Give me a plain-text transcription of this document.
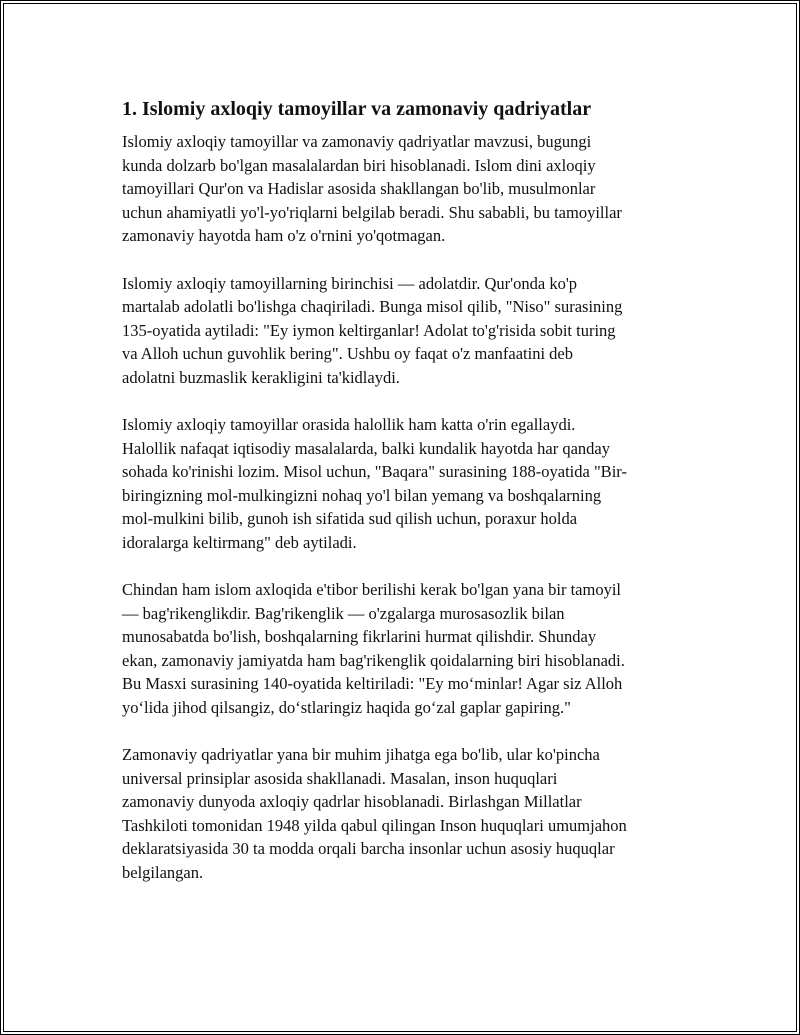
1. Islomiy axloqiy tamoyillar va zamonaviy qadriyatlar
Islomiy axloqiy tamoyillar va zamonaviy qadriyatlar mavzusi, bugungi
kunda dolzarb bo'lgan masalalardan biri hisoblanadi. Islom dini axloqiy
tamoyillari Qur'on va Hadislar asosida shakllangan bo'lib, musulmonlar
uchun ahamiyatli yo'l-yo'riqlarni belgilab beradi. Shu sababli, bu tamoyillar
zamonaviy hayotda ham o'z o'rnini yo'qotmagan.
Islomiy axloqiy tamoyillarning birinchisi — adolatdir. Qur'onda ko'p
martalab adolatli bo'lishga chaqiriladi. Bunga misol qilib, "Niso" surasining
135-oyatida aytiladi: "Ey iymon keltirganlar! Adolat to'g'risida sobit turing
va Alloh uchun guvohlik bering". Ushbu oy faqat o'z manfaatini deb
adolatni buzmaslik kerakligini ta'kidlaydi.
Islomiy axloqiy tamoyillar orasida halollik ham katta o'rin egallaydi.
Halollik nafaqat iqtisodiy masalalarda, balki kundalik hayotda har qanday
sohada ko'rinishi lozim. Misol uchun, "Baqara" surasining 188-oyatida "Bir-
biringizning mol-mulkingizni nohaq yo'l bilan yemang va boshqalarning
mol-mulkini bilib, gunoh ish sifatida sud qilish uchun, poraxur holda
idoralarga keltirmang" deb aytiladi.
Chindan ham islom axloqida e'tibor berilishi kerak bo'lgan yana bir tamoyil
— bag'rikenglikdir. Bag'rikenglik — o'zgalarga murosasozlik bilan
munosabatda bo'lish, boshqalarning fikrlarini hurmat qilishdir. Shunday
ekan, zamonaviy jamiyatda ham bag'rikenglik qoidalarning biri hisoblanadi.
Bu Masxi surasining 140-oyatida keltiriladi: "Ey mo‘minlar! Agar siz Alloh
yo‘lida jihod qilsangiz, do‘stlaringiz haqida go‘zal gaplar gapiring."
Zamonaviy qadriyatlar yana bir muhim jihatga ega bo'lib, ular ko'pincha
universal prinsiplar asosida shakllanadi. Masalan, inson huquqlari
zamonaviy dunyoda axloqiy qadrlar hisoblanadi. Birlashgan Millatlar
Tashkiloti tomonidan 1948 yilda qabul qilingan Inson huquqlari umumjahon
deklaratsiyasida 30 ta modda orqali barcha insonlar uchun asosiy huquqlar
belgilangan.
